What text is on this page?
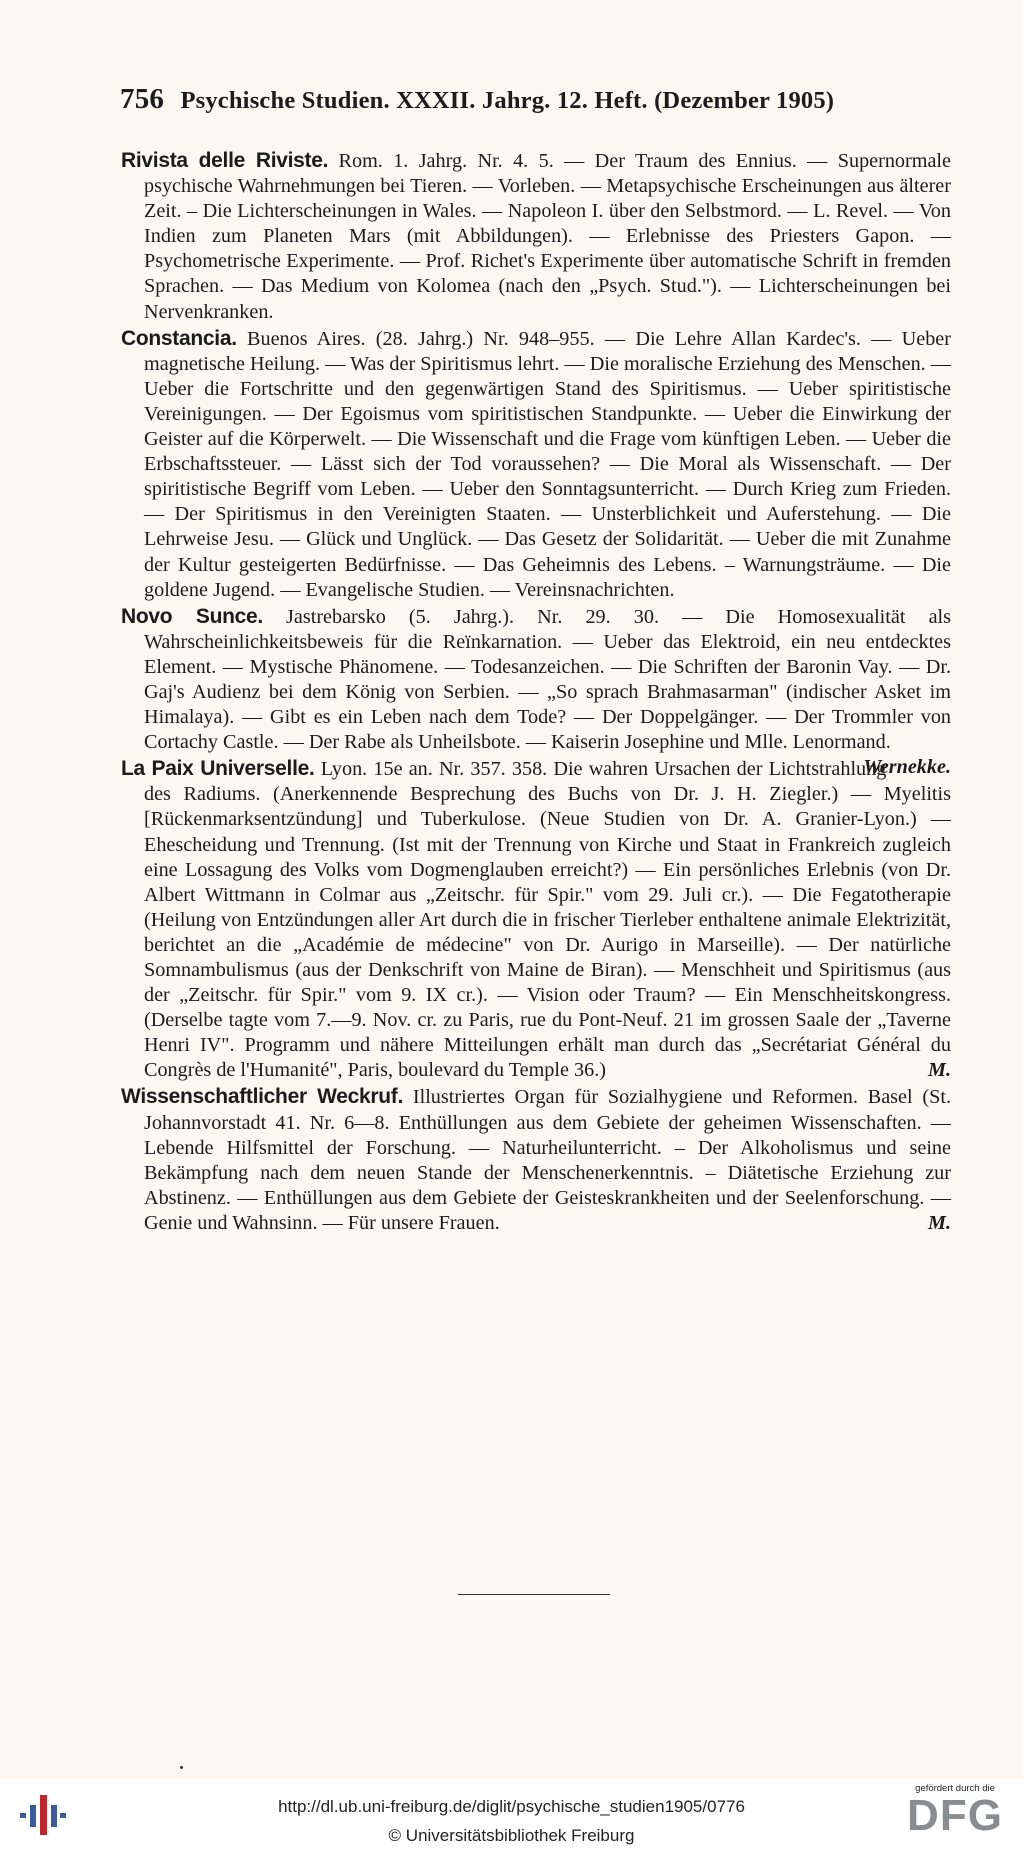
756 Psychische Studien. XXXII. Jahrg. 12. Heft. (Dezember 1905)

Rivista delle Riviste. Rom. 1. Jahrg. Nr. 4. 5. — Der Traum des Ennius. — Supernormale psychische Wahrnehmungen bei Tieren. — Vorleben. — Metapsychische Erscheinungen aus älterer Zeit. – Die Lichterscheinungen in Wales. — Napoleon I. über den Selbstmord. — L. Revel. — Von Indien zum Planeten Mars (mit Abbildungen). — Erlebnisse des Priesters Gapon. — Psychometrische Experimente. — Prof. Richet's Experimente über automatische Schrift in fremden Sprachen. — Das Medium von Kolomea (nach den „Psych. Stud."). — Lichterscheinungen bei Nervenkranken.

Constancia. Buenos Aires. (28. Jahrg.) Nr. 948–955. — Die Lehre Allan Kardec's. — Ueber magnetische Heilung. — Was der Spiritismus lehrt. — Die moralische Erziehung des Menschen. — Ueber die Fortschritte und den gegenwärtigen Stand des Spiritismus. — Ueber spiritistische Vereinigungen. — Der Egoismus vom spiritistischen Standpunkte. — Ueber die Einwirkung der Geister auf die Körperwelt. — Die Wissenschaft und die Frage vom künftigen Leben. — Ueber die Erbschaftssteuer. — Lässt sich der Tod voraussehen? — Die Moral als Wissenschaft. — Der spiritistische Begriff vom Leben. — Ueber den Sonntagsunterricht. — Durch Krieg zum Frieden. — Der Spiritismus in den Vereinigten Staaten. — Unsterblichkeit und Auferstehung. — Die Lehrweise Jesu. — Glück und Unglück. — Das Gesetz der Solidarität. — Ueber die mit Zunahme der Kultur gesteigerten Bedürfnisse. — Das Geheimnis des Lebens. – Warnungsträume. — Die goldene Jugend. — Evangelische Studien. — Vereinsnachrichten.

Novo Sunce. Jastrebarsko (5. Jahrg.). Nr. 29. 30. — Die Homosexualität als Wahrscheinlichkeitsbeweis für die Reïnkarnation. — Ueber das Elektroid, ein neu entdecktes Element. — Mystische Phänomene. — Todesanzeichen. — Die Schriften der Baronin Vay. — Dr. Gaj's Audienz bei dem König von Serbien. — „So sprach Brahmasarman" (indischer Asket im Himalaya). — Gibt es ein Leben nach dem Tode? — Der Doppelgänger. — Der Trommler von Cortachy Castle. — Der Rabe als Unheilsbote. — Kaiserin Josephine und Mlle. Lenormand.
Wernekke.

La Paix Universelle. Lyon. 15e an. Nr. 357. 358. Die wahren Ursachen der Lichtstrahlung des Radiums. (Anerkennende Besprechung des Buchs von Dr. J. H. Ziegler.) — Myelitis [Rückenmarksentzündung] und Tuberkulose. (Neue Studien von Dr. A. Granier-Lyon.) — Ehescheidung und Trennung. (Ist mit der Trennung von Kirche und Staat in Frankreich zugleich eine Lossagung des Volks vom Dogmenglauben erreicht?) — Ein persönliches Erlebnis (von Dr. Albert Wittmann in Colmar aus „Zeitschr. für Spir." vom 29. Juli cr.). — Die Fegatotherapie (Heilung von Entzündungen aller Art durch die in frischer Tierleber enthaltene animale Elektrizität, berichtet an die „Académie de médecine" von Dr. Aurigo in Marseille). — Der natürliche Somnambulismus (aus der Denkschrift von Maine de Biran). — Menschheit und Spiritismus (aus der „Zeitschr. für Spir." vom 9. IX cr.). — Vision oder Traum? — Ein Menschheitskongress. (Derselbe tagte vom 7.—9. Nov. cr. zu Paris, rue du Pont-Neuf. 21 im grossen Saale der „Taverne Henri IV". Programm und nähere Mitteilungen erhält man durch das „Secrétariat Général du Congrès de l'Humanité", Paris, boulevard du Temple 36.)	M.

Wissenschaftlicher Weckruf. Illustriertes Organ für Sozialhygiene und Reformen. Basel (St. Johannvorstadt 41. Nr. 6—8. Enthüllungen aus dem Gebiete der geheimen Wissenschaften. — Lebende Hilfsmittel der Forschung. — Naturheilunterricht. – Der Alkoholismus und seine Bekämpfung nach dem neuen Stande der Menschenerkenntnis. – Diätetische Erziehung zur Abstinenz. — Enthüllungen aus dem Gebiete der Geisteskrankheiten und der Seelenforschung. — Genie und Wahnsinn. — Für unsere Frauen.	M.

http://dl.ub.uni-freiburg.de/diglit/psychische_studien1905/0776
© Universitätsbibliothek Freiburg
gefördert durch die
DFG
